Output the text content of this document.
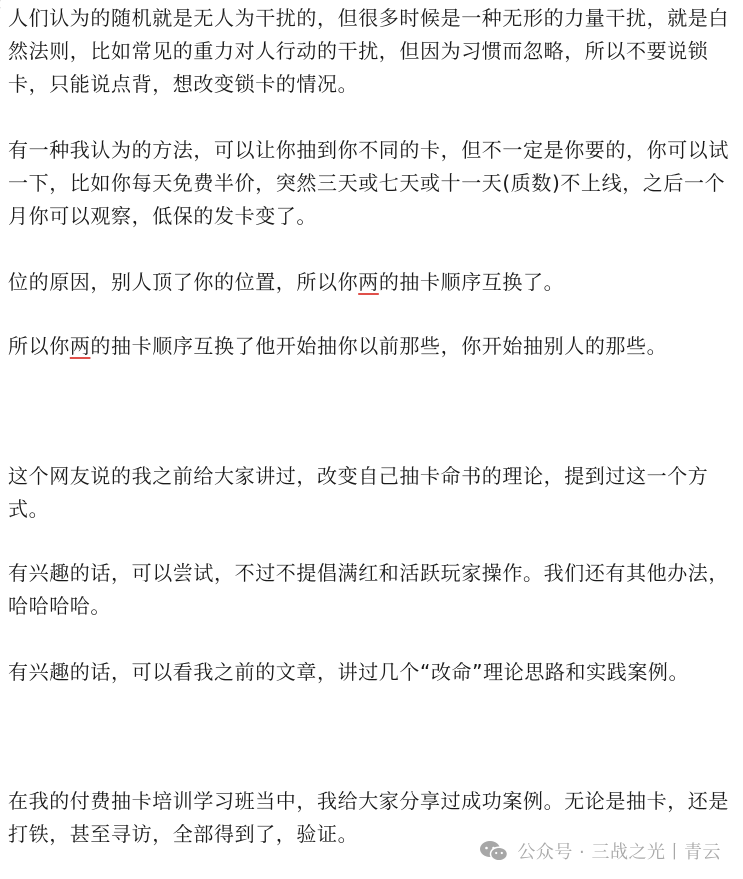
人们认为的随机就是无人为干扰的，但很多时候是一种无形的力量干扰，就是白然法则，比如常见的重力对人行动的干扰，但因为习惯而忽略，所以不要说锁卡，只能说点背，想改变锁卡的情况。

有一种我认为的方法，可以让你抽到你不同的卡，但不一定是你要的，你可以试一下，比如你每天免费半价，突然三天或七天或十一天(质数)不上线，之后一个月你可以观察，低保的发卡变了。

位的原因，别人顶了你的位置，所以你两的抽卡顺序互换了。

所以你两的抽卡顺序互换了他开始抽你以前那些，你开始抽别人的那些。

这个网友说的我之前给大家讲过，改变自己抽卡命书的理论，提到过这一个方式。

有兴趣的话，可以尝试，不过不提倡满红和活跃玩家操作。我们还有其他办法，哈哈哈哈。

有兴趣的话，可以看我之前的文章，讲过几个“改命”理论思路和实践案例。

在我的付费抽卡培训学习班当中，我给大家分享过成功案例。无论是抽卡，还是打铁，甚至寻访，全部得到了，验证。

公众号 · 三战之光丨青云
